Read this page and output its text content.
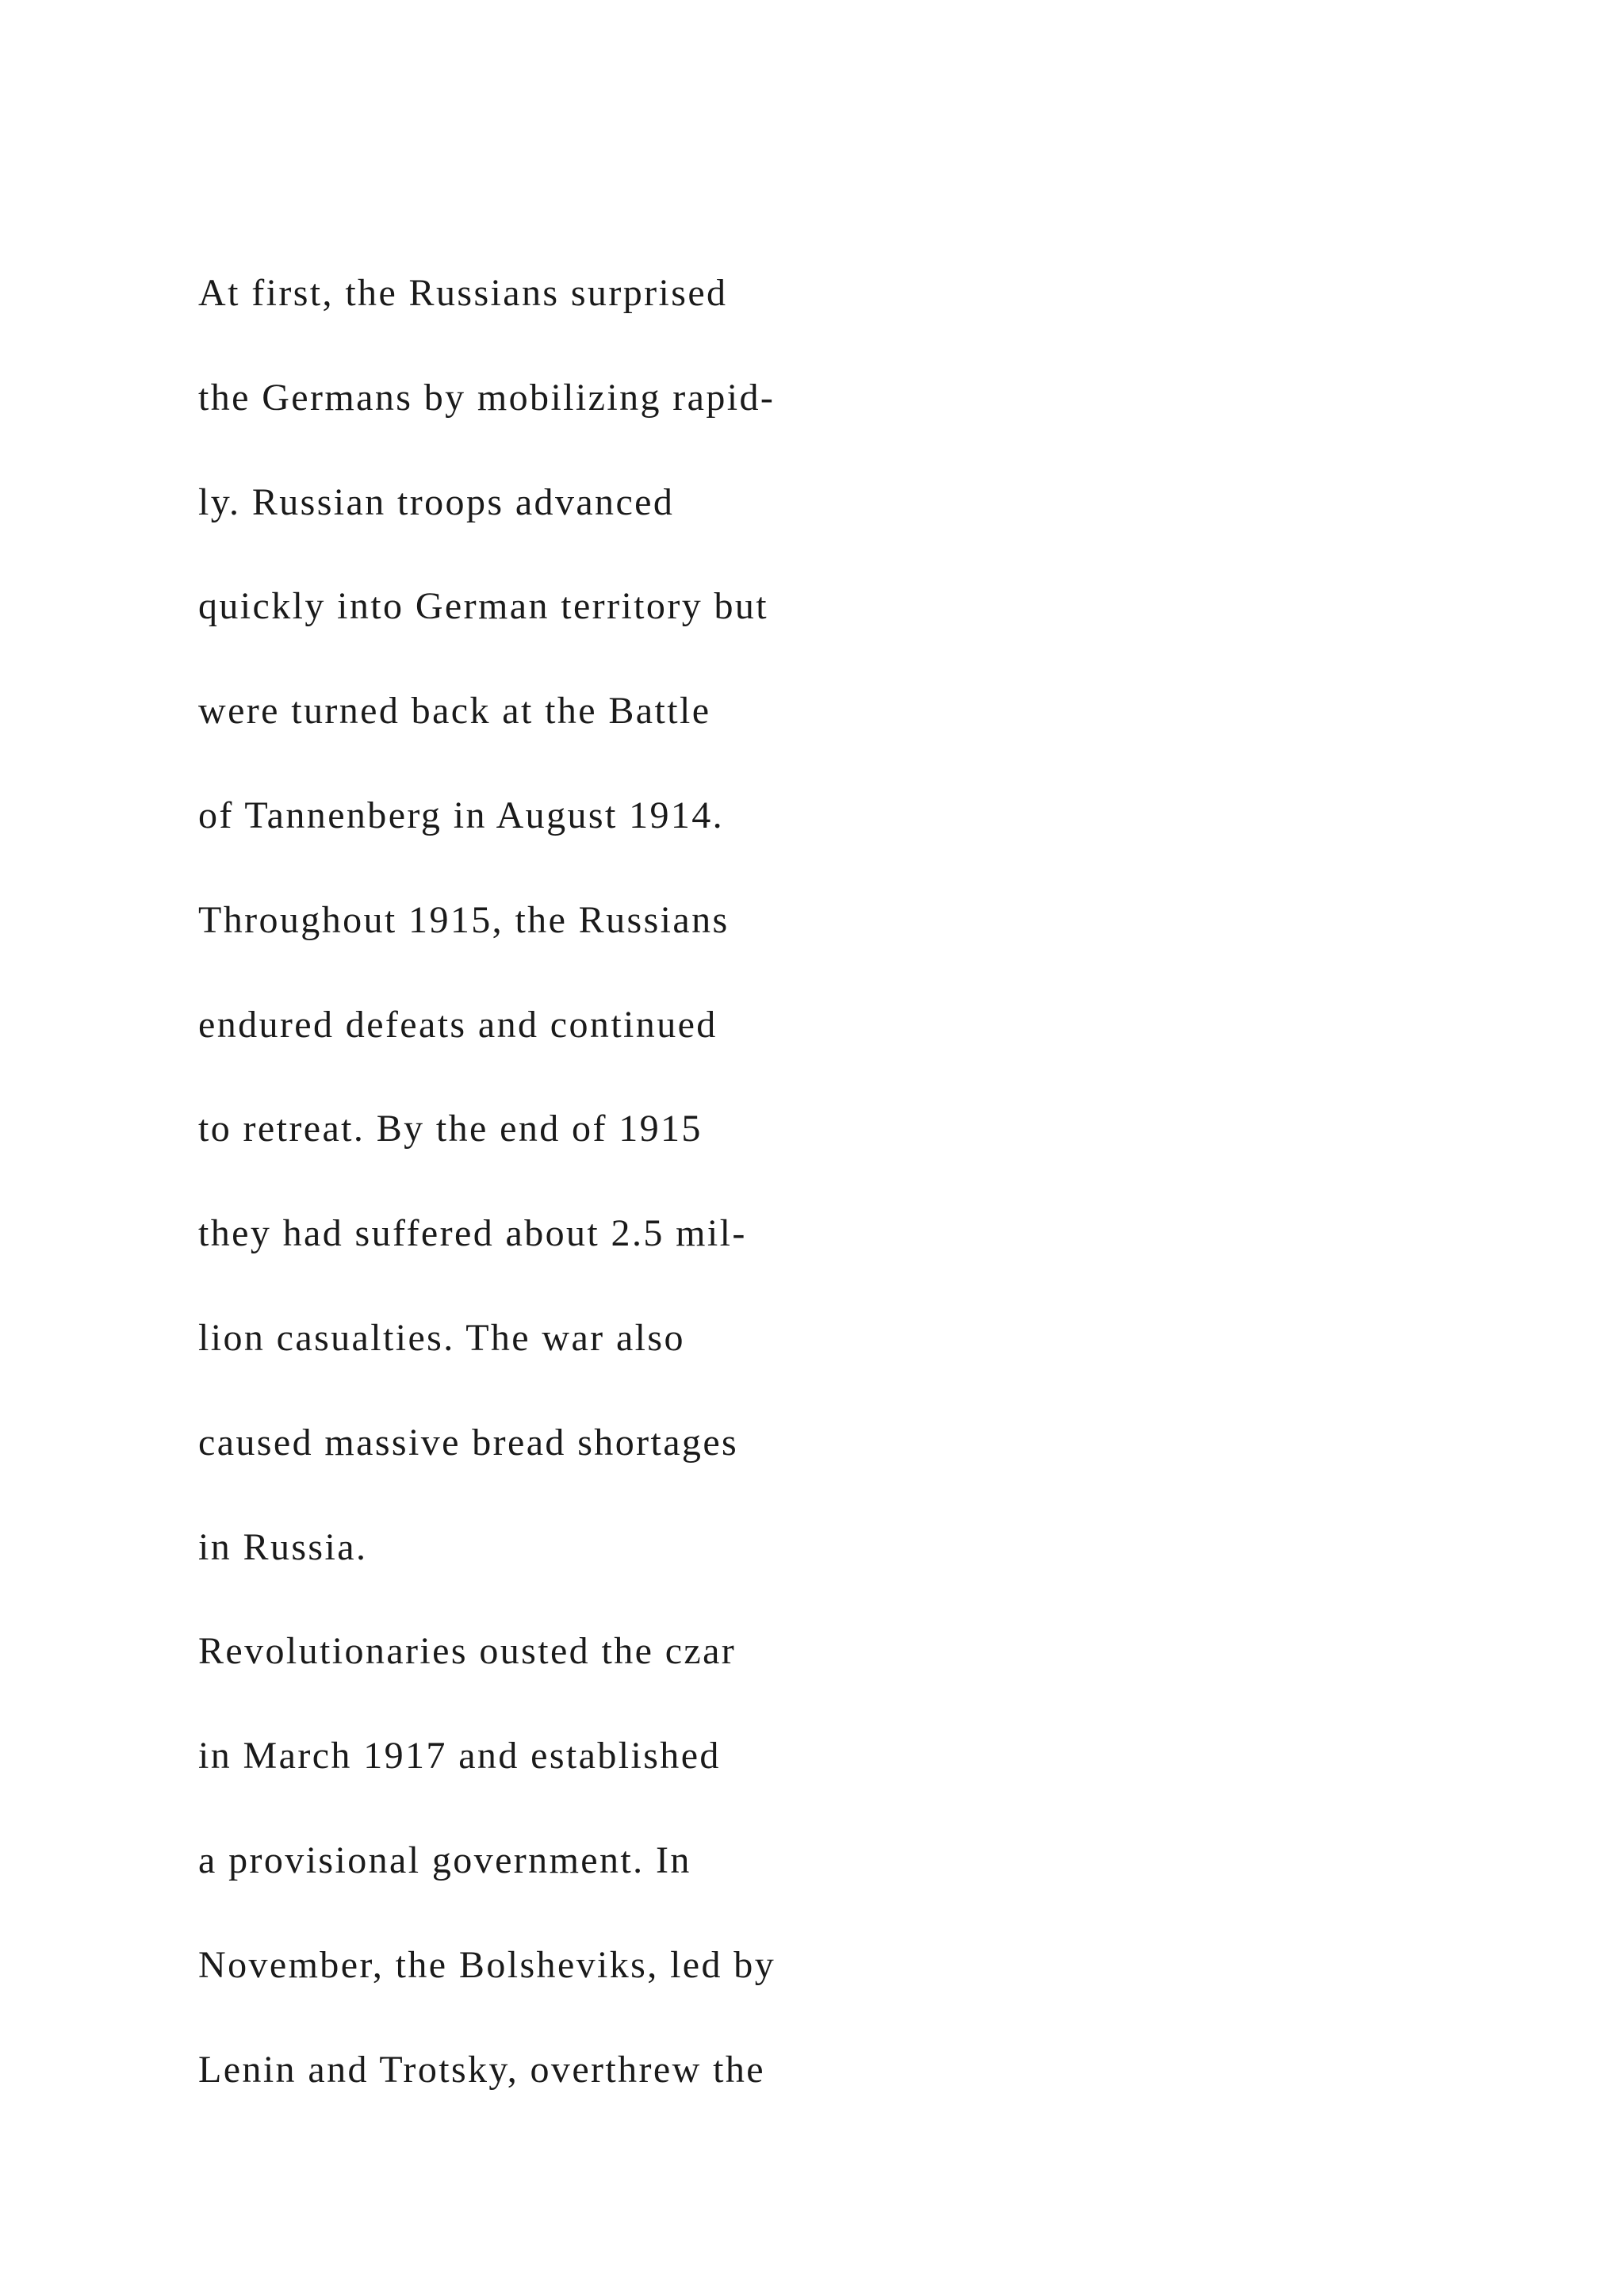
At first, the Russians surprised
the Germans by mobilizing rapid-
ly. Russian troops advanced
quickly into German territory but
were turned back at the Battle
of Tannenberg in August 1914.
Throughout 1915, the Russians
endured defeats and continued
to retreat. By the end of 1915
they had suffered about 2.5 mil-
lion casualties. The war also
caused massive bread shortages
in Russia.
Revolutionaries ousted the czar
in March 1917 and established
a provisional government. In
November, the Bolsheviks, led by
Lenin and Trotsky, overthrew the
